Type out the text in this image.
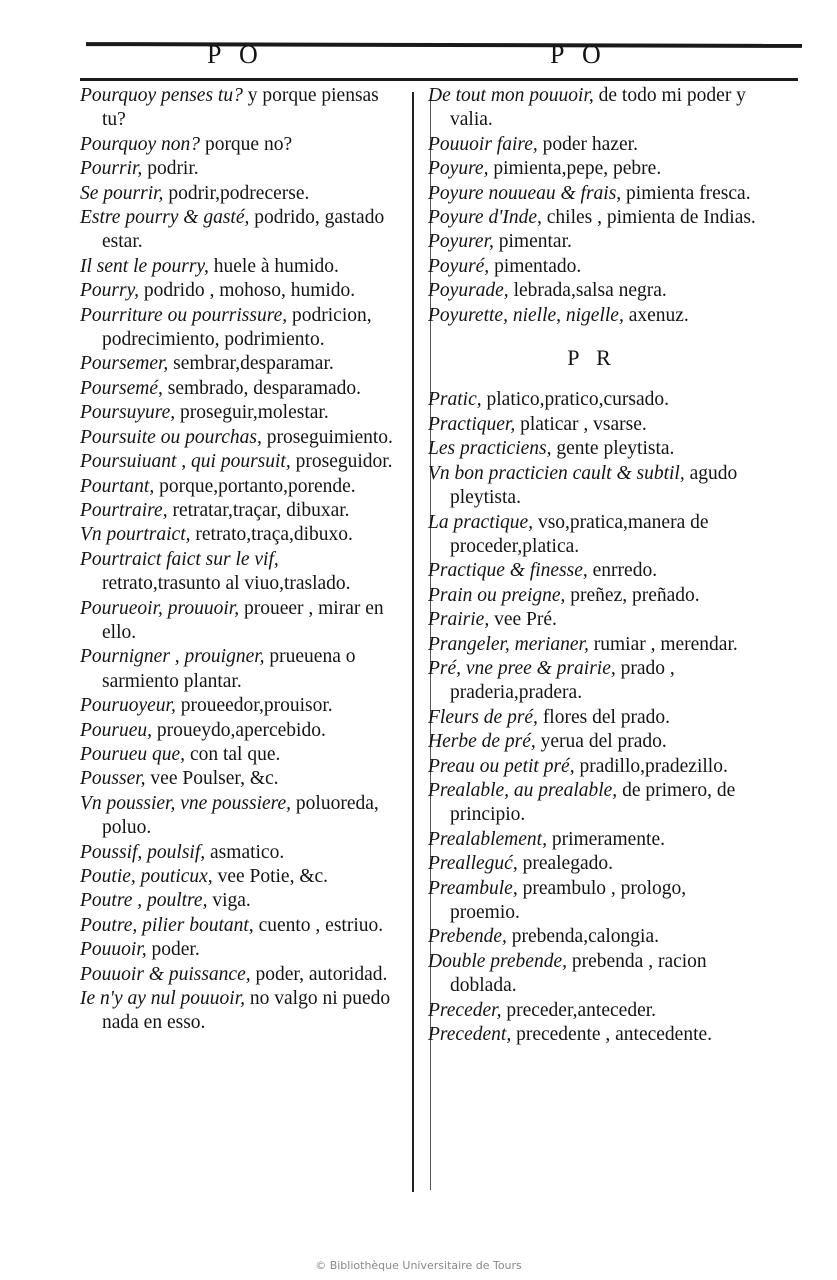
P O	P O

Pourquoy penses tu? y porque piensas tu?

Pourquoy non? porque no?

Pourrir, podrir.

Se pourrir, podrir,podrecerse.

Estre pourry & gasté, podrido, gastado estar.

Il sent le pourry, huele à humido.

Pourry, podrido , mohoso, humido.

Pourriture ou pourrissure, podricion, podrecimiento, podrimiento.

Poursemer, sembrar,desparamar.

Poursemé, sembrado, desparamado.

Poursuyure, proseguir,molestar.

Poursuite ou pourchas, proseguimiento.

Poursuiuant , qui poursuit, proseguidor.

Pourtant, porque,portanto,porende.

Pourtraire, retratar,traçar, dibuxar.

Vn pourtraict, retrato,traça,dibuxo.

Pourtraict faict sur le vif, retrato,trasunto al viuo,traslado.

Pourueoir, prouuoir, proueer , mirar en ello.

Pournigner , prouigner, prueuena o sarmiento plantar.

Pouruoyeur, proueedor,prouisor.

Pourueu, proueydo,apercebido.

Pourueu que, con tal que.

Pousser, vee Poulser, &c.

Vn poussier, vne poussiere, poluoreda, poluo.

Poussif, poulsif, asmatico.

Poutie, pouticux, vee Potie, &c.

Poutre , poultre, viga.

Poutre, pilier boutant, cuento , estriuo.

Pouuoir, poder.

Pouuoir & puissance, poder, autoridad.

Ie n'y ay nul pouuoir, no valgo ni puedo nada en esso.

De tout mon pouuoir, de todo mi poder y valia.

Pouuoir faire, poder hazer.

Poyure, pimienta,pepe, pebre.

Poyure nouueau & frais, pimienta fresca.

Poyure d'Inde, chiles , pimienta de Indias.

Poyurer, pimentar.

Poyuré, pimentado.

Poyurade, lebrada,salsa negra.

Poyurette, nielle, nigelle, axenuz.

P R

Pratic, platico,pratico,cursado.

Practiquer, platicar , vsarse.

Les practiciens, gente pleytista.

Vn bon practicien cault & subtil, agudo pleytista.

La practique, vso,pratica,manera de proceder,platica.

Practique & finesse, enrredo.

Prain ou preigne, preñez, preñado.

Prairie, vee Pré.

Prangeler, merianer, rumiar , merendar.

Pré, vne pree & prairie, prado , praderia,pradera.

Fleurs de pré, flores del prado.

Herbe de pré, yerua del prado.

Preau ou petit pré, pradillo,pradezillo.

Prealable, au prealable, de primero, de principio.

Prealablement, primeramente.

Prealleguć, prealegado.

Preambule, preambulo , prologo, proemio.

Prebende, prebenda,calongia.

Double prebende, prebenda , racion doblada.

Preceder, preceder,anteceder.

Precedent, precedente , antecedente.

© Bibliothèque Universitaire de Tours
